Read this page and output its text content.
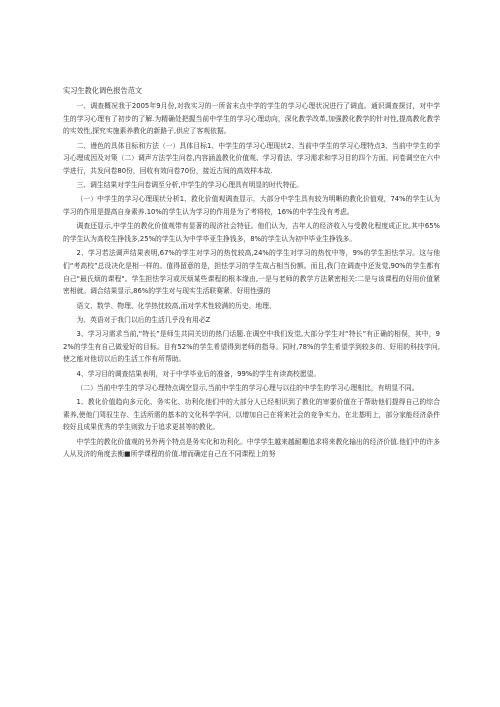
实习生教化调色报告范文

一、调查概况我于2005年9月份,对我实习的一所省末点中学的学生的学习心理状况进行了调直。通识调查探讨，对中学生的学习心理有了初步的了解.为精确处把握当前中学生的学习心理动向，深化教学改革,加强教化教学的针对性,提高教化教学的实效性,探究实施素养教化的新路子,供应了客观依据。

二、谩色的具体目标和方法（一）具体目标1、中学生的学习心理现状2、当前中学生的学习心理特点3、当前中学生的学习心理成因及对策（二）调声方法学生问卷,内容涵盖教化价值观、学习看法、学习需求和学习目的四个方面。问卷调空在六中学进行，共发问卷80份，回收有效问卷70份，接近古间的高效样本故.

三、调生结果对学生问卷调至分析,中学生的学习心理具有明显的时代特征。

（一）中学生的学习心理现状分析1、救化价值观调查显示，大部分中学生具有较为明晰的教化价值观，74%的学生认为学习的作用是提高自身素养.10%的学生认为学习的作用是为了考将校，16%的中学生没有考虑。

调查还显示,中学生的教化价值观带有显著的现济社会特征。他们认为，吉年人的经济收入与受教化程度成正比,其中65%的学生认为高校生挣钱多,25%的学生认为中学毕亚生挣钱多，8%的学生认为初中毕业生挣钱多。

2、学习若法调声结果表明,67%的学生对学习的热忱较高,24%的学生对学习的热忱中等，9%的学生担怯学习。这与他们“考高校”总设决化是相一样的。值得留意的是，担怯学习的学生故占相当份额。而且,我门在调查中还发觉,90%的学生都有自己"最氏烦的课程"。学生担怯学习或厌烦某些课程的根本缘由,一是与老师的教学方法紧密相关:二是与该课程的好用价值紧密相就。调合结果显示,86%的学生对与现实生活联赛紧、好用性强的

语文、数学、物理、化学热忱较高,而对学术性较满的历史、地理、

为、英语对于我门以后的生活几乎没有用必Z

3、学习习需求当前,“特长”是师生共同关切的热门话题.在调空中我们发觉,大部分学生对“特长”有正确的相俣，其中，92%的学生有自己做爱好的目标。目有52%的学生希望得到老师的指导。同时,78%的学生希望学到较多的、好用的科技学问,使之能对他切以后的生活工作有所帮助。

4、学习目的调查结果表明，对于中学毕业后的准备，99%的学生有读高校愿望。

（二）当前中学生的学习心理特点调空显示,当前中学生的学习心理与以往的中学生的学习心理相比，有明显不同。

1、教化价值趋向多元化、务实化、功利化他们中的大部分人已经相识到了教化的审要价值在于帮助他们提得自己的综合素养,使他门驾驭生存、生活所需的基本的文化科学学问，以增加自己在将来社会的竞争实力。在北基明上，部分家能经济条件较好且成果优秀的学生则致力于追求更甚等的教化。

中学生的教化价值观的另外两个特点是务实化和功利化。中学学生越来越耐趣追求将来教化输出的经济价值.他们中的许多人从及济的角度去衡■所学课程的价值.增而确定自己在不同课程上的努
